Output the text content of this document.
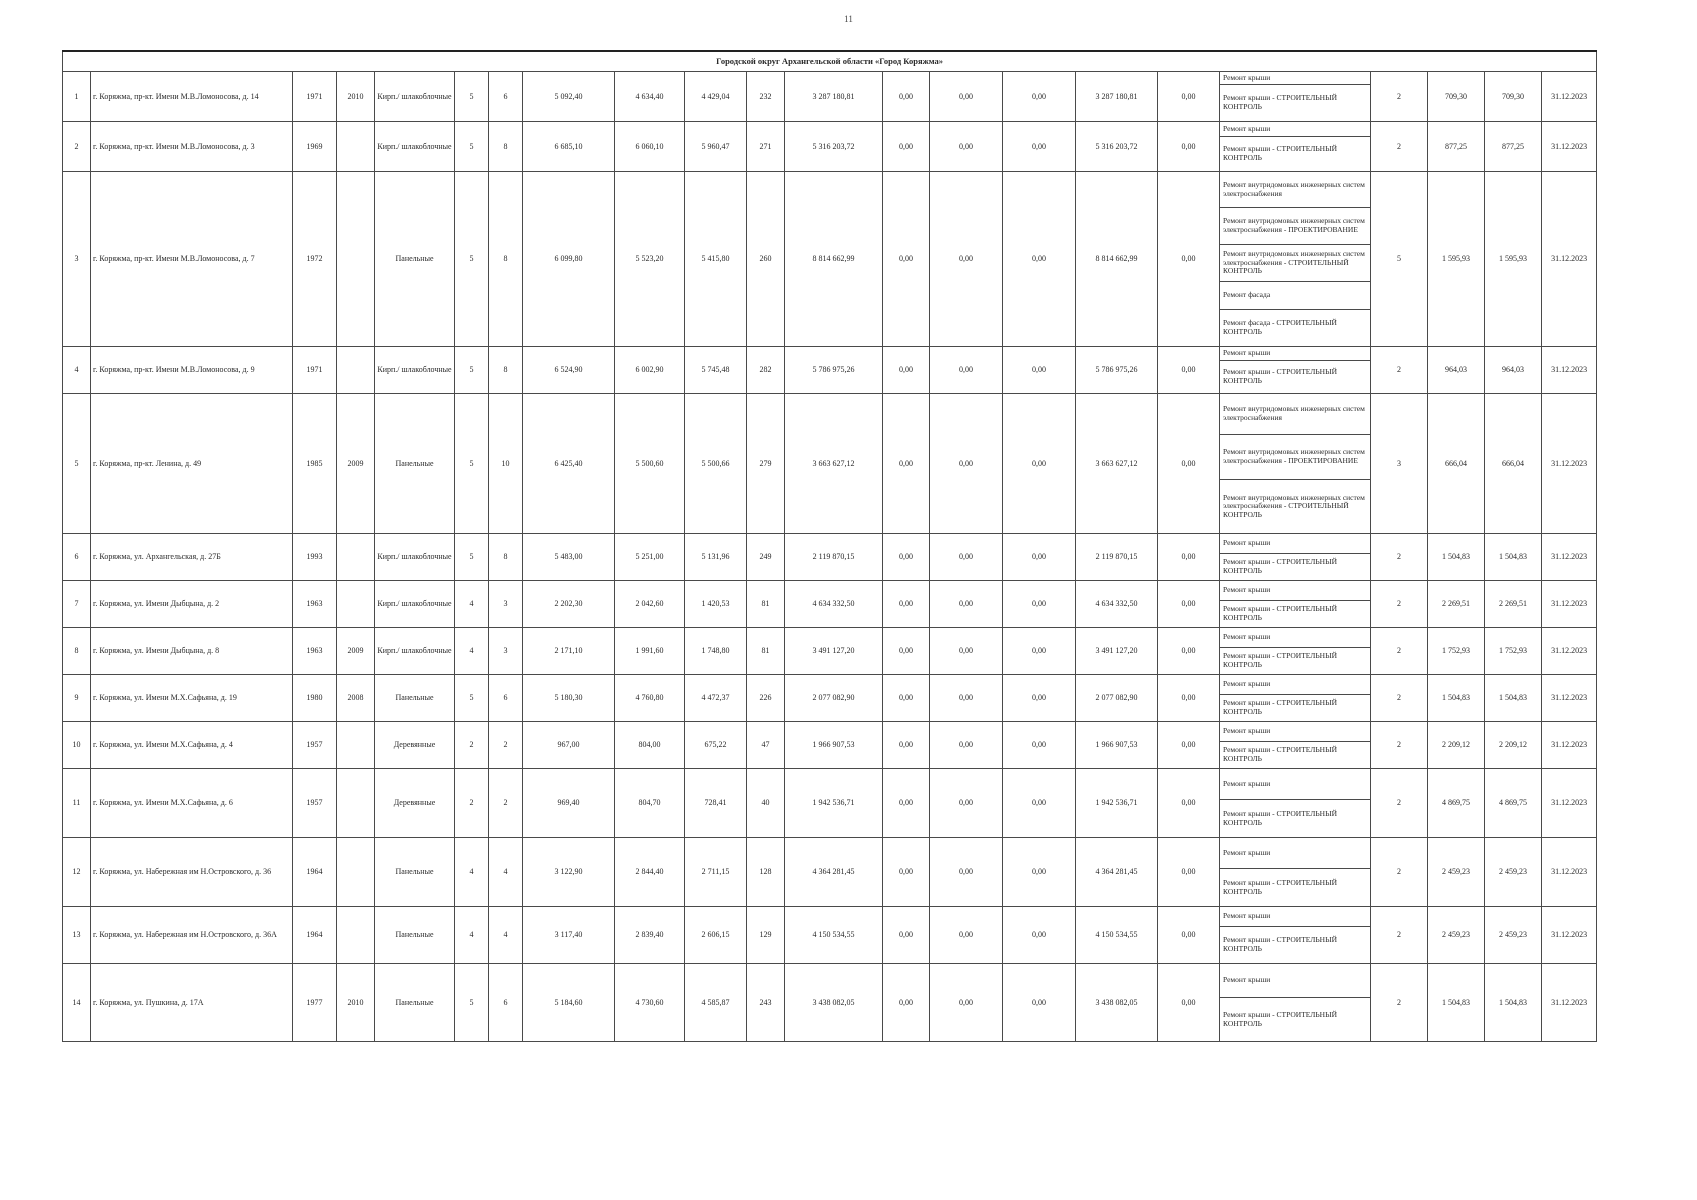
11
Городской округ Архангельской области «Город Коряжма»																					
1	г. Коряжма, пр-кт. Имени М.В.Ломоносова, д. 14	1971	2010	Кирп./ шлакоблочные	5	6	5 092,40	4 634,40	4 429,04	232	3 287 180,81	0,00	0,00	0,00	3 287 180,81	0,00	Ремонт крыши
Ремонт крыши - СТРОИТЕЛЬНЫЙ КОНТРОЛЬ	2	709,30	709,30	31.12.2023
2	г. Коряжма, пр-кт. Имени М.В.Ломоносова, д. 3	1969		Кирп./ шлакоблочные	5	8	6 685,10	6 060,10	5 960,47	271	5 316 203,72	0,00	0,00	0,00	5 316 203,72	0,00	Ремонт крыши
Ремонт крыши - СТРОИТЕЛЬНЫЙ КОНТРОЛЬ	2	877,25	877,25	31.12.2023
3	г. Коряжма, пр-кт. Имени М.В.Ломоносова, д. 7	1972		Панельные	5	8	6 099,80	5 523,20	5 415,80	260	8 814 662,99	0,00	0,00	0,00	8 814 662,99	0,00	Ремонт внутридомовых инженерных систем электроснабжения
Ремонт внутридомовых инженерных систем электроснабжения - ПРОЕКТИРОВАНИЕ
Ремонт внутридомовых инженерных систем электроснабжения - СТРОИТЕЛЬНЫЙ КОНТРОЛЬ
Ремонт фасада
Ремонт фасада - СТРОИТЕЛЬНЫЙ КОНТРОЛЬ	5	1 595,93	1 595,93	31.12.2023
4	г. Коряжма, пр-кт. Имени М.В.Ломоносова, д. 9	1971		Кирп./ шлакоблочные	5	8	6 524,90	6 002,90	5 745,48	282	5 786 975,26	0,00	0,00	0,00	5 786 975,26	0,00	Ремонт крыши
Ремонт крыши - СТРОИТЕЛЬНЫЙ КОНТРОЛЬ	2	964,03	964,03	31.12.2023
5	г. Коряжма, пр-кт. Ленина, д. 49	1985	2009	Панельные	5	10	6 425,40	5 500,60	5 500,66	279	3 663 627,12	0,00	0,00	0,00	3 663 627,12	0,00	Ремонт внутридомовых инженерных систем электроснабжения
Ремонт внутридомовых инженерных систем электроснабжения - ПРОЕКТИРОВАНИЕ
Ремонт внутридомовых инженерных систем электроснабжения - СТРОИТЕЛЬНЫЙ КОНТРОЛЬ	3	666,04	666,04	31.12.2023
6	г. Коряжма, ул. Архангельская, д. 27Б	1993		Кирп./ шлакоблочные	5	8	5 483,00	5 251,00	5 131,96	249	2 119 870,15	0,00	0,00	0,00	2 119 870,15	0,00	Ремонт крыши
Ремонт крыши - СТРОИТЕЛЬНЫЙ КОНТРОЛЬ	2	1 504,83	1 504,83	31.12.2023
7	г. Коряжма, ул. Имени Дыбцына, д. 2	1963		Кирп./ шлакоблочные	4	3	2 202,30	2 042,60	1 420,53	81	4 634 332,50	0,00	0,00	0,00	4 634 332,50	0,00	Ремонт крыши
Ремонт крыши - СТРОИТЕЛЬНЫЙ КОНТРОЛЬ	2	2 269,51	2 269,51	31.12.2023
8	г. Коряжма, ул. Имени Дыбцына, д. 8	1963	2009	Кирп./ шлакоблочные	4	3	2 171,10	1 991,60	1 748,80	81	3 491 127,20	0,00	0,00	0,00	3 491 127,20	0,00	Ремонт крыши
Ремонт крыши - СТРОИТЕЛЬНЫЙ КОНТРОЛЬ	2	1 752,93	1 752,93	31.12.2023
9	г. Коряжма, ул. Имени М.Х.Сафьяна, д. 19	1980	2008	Панельные	5	6	5 180,30	4 760,80	4 472,37	226	2 077 082,90	0,00	0,00	0,00	2 077 082,90	0,00	Ремонт крыши
Ремонт крыши - СТРОИТЕЛЬНЫЙ КОНТРОЛЬ	2	1 504,83	1 504,83	31.12.2023
10	г. Коряжма, ул. Имени М.Х.Сафьяна, д. 4	1957		Деревянные	2	2	967,00	804,00	675,22	47	1 966 907,53	0,00	0,00	0,00	1 966 907,53	0,00	Ремонт крыши
Ремонт крыши - СТРОИТЕЛЬНЫЙ КОНТРОЛЬ	2	2 209,12	2 209,12	31.12.2023
11	г. Коряжма, ул. Имени М.Х.Сафьяна, д. 6	1957		Деревянные	2	2	969,40	804,70	728,41	40	1 942 536,71	0,00	0,00	0,00	1 942 536,71	0,00	Ремонт крыши
Ремонт крыши - СТРОИТЕЛЬНЫЙ КОНТРОЛЬ	2	4 869,75	4 869,75	31.12.2023
12	г. Коряжма, ул. Набережная им Н.Островского, д. 36	1964		Панельные	4	4	3 122,90	2 844,40	2 711,15	128	4 364 281,45	0,00	0,00	0,00	4 364 281,45	0,00	Ремонт крыши
Ремонт крыши - СТРОИТЕЛЬНЫЙ КОНТРОЛЬ	2	2 459,23	2 459,23	31.12.2023
13	г. Коряжма, ул. Набережная им Н.Островского, д. 36А	1964		Панельные	4	4	3 117,40	2 839,40	2 606,15	129	4 150 534,55	0,00	0,00	0,00	4 150 534,55	0,00	Ремонт крыши
Ремонт крыши - СТРОИТЕЛЬНЫЙ КОНТРОЛЬ	2	2 459,23	2 459,23	31.12.2023
14	г. Коряжма, ул. Пушкина, д. 17А	1977	2010	Панельные	5	6	5 184,60	4 730,60	4 585,87	243	3 438 082,05	0,00	0,00	0,00	3 438 082,05	0,00	Ремонт крыши
Ремонт крыши - СТРОИТЕЛЬНЫЙ КОНТРОЛЬ	2	1 504,83	1 504,83	31.12.2023
